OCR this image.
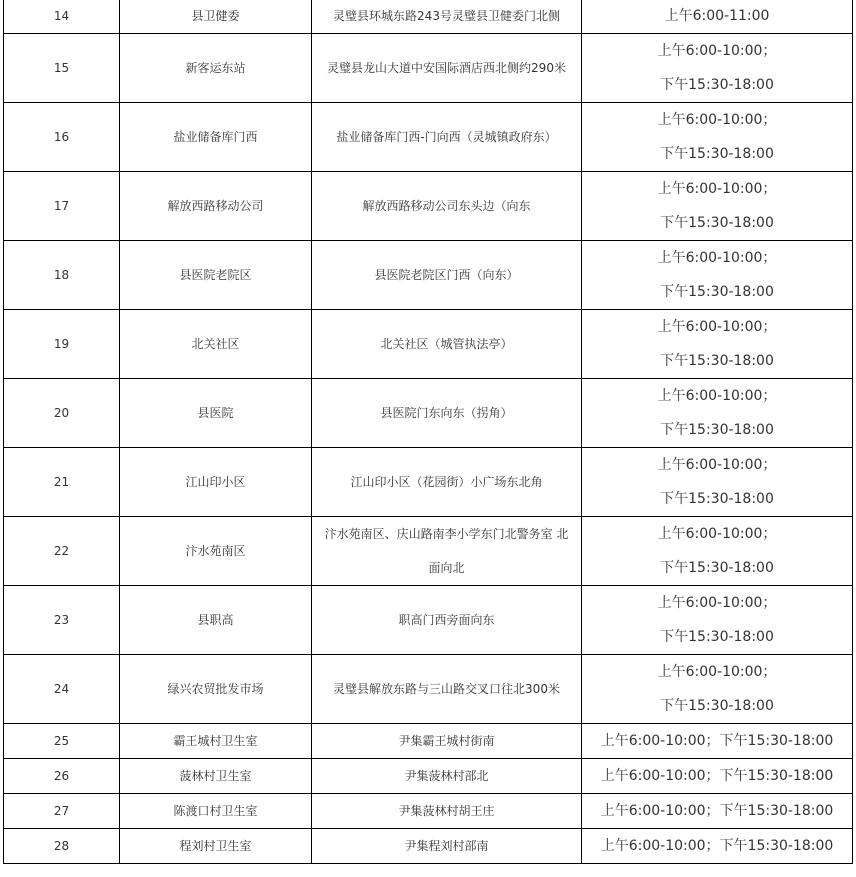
14	县卫健委	灵璧县环城东路243号灵璧县卫健委门北侧	上午6:00-11:00

15	新客运东站	灵璧县龙山大道中安国际酒店西北侧约290米	上午6:00-10:00；
下午15:30-18:00

16	盐业储备库门西	盐业储备库门西-门向西（灵城镇政府东）	上午6:00-10:00；
下午15:30-18:00

17	解放西路移动公司	解放西路移动公司东头边（向东	上午6:00-10:00；
下午15:30-18:00

18	县医院老院区	县医院老院区门西（向东）	上午6:00-10:00；
下午15:30-18:00

19	北关社区	北关社区（城管执法亭）	上午6:00-10:00；
下午15:30-18:00

20	县医院	县医院门东向东（拐角）	上午6:00-10:00；
下午15:30-18:00

21	江山印小区	江山印小区（花园街）小广场东北角	上午6:00-10:00；
下午15:30-18:00

22	汴水苑南区	汴水苑南区、庆山路南李小学东门北警务室 北
面向北	上午6:00-10:00；
下午15:30-18:00

23	县职高	职高门西旁面向东	上午6:00-10:00；
下午15:30-18:00

24	绿兴农贸批发市场	灵璧县解放东路与三山路交叉口往北300米	上午6:00-10:00；
下午15:30-18:00

25	霸王城村卫生室	尹集霸王城村街南	上午6:00-10:00；下午15:30-18:00

26	菠林村卫生室	尹集菠林村部北	上午6:00-10:00；下午15:30-18:00

27	陈渡口村卫生室	尹集菠林村胡王庄	上午6:00-10:00；下午15:30-18:00

28	程刘村卫生室	尹集程刘村部南	上午6:00-10:00；下午15:30-18:00
